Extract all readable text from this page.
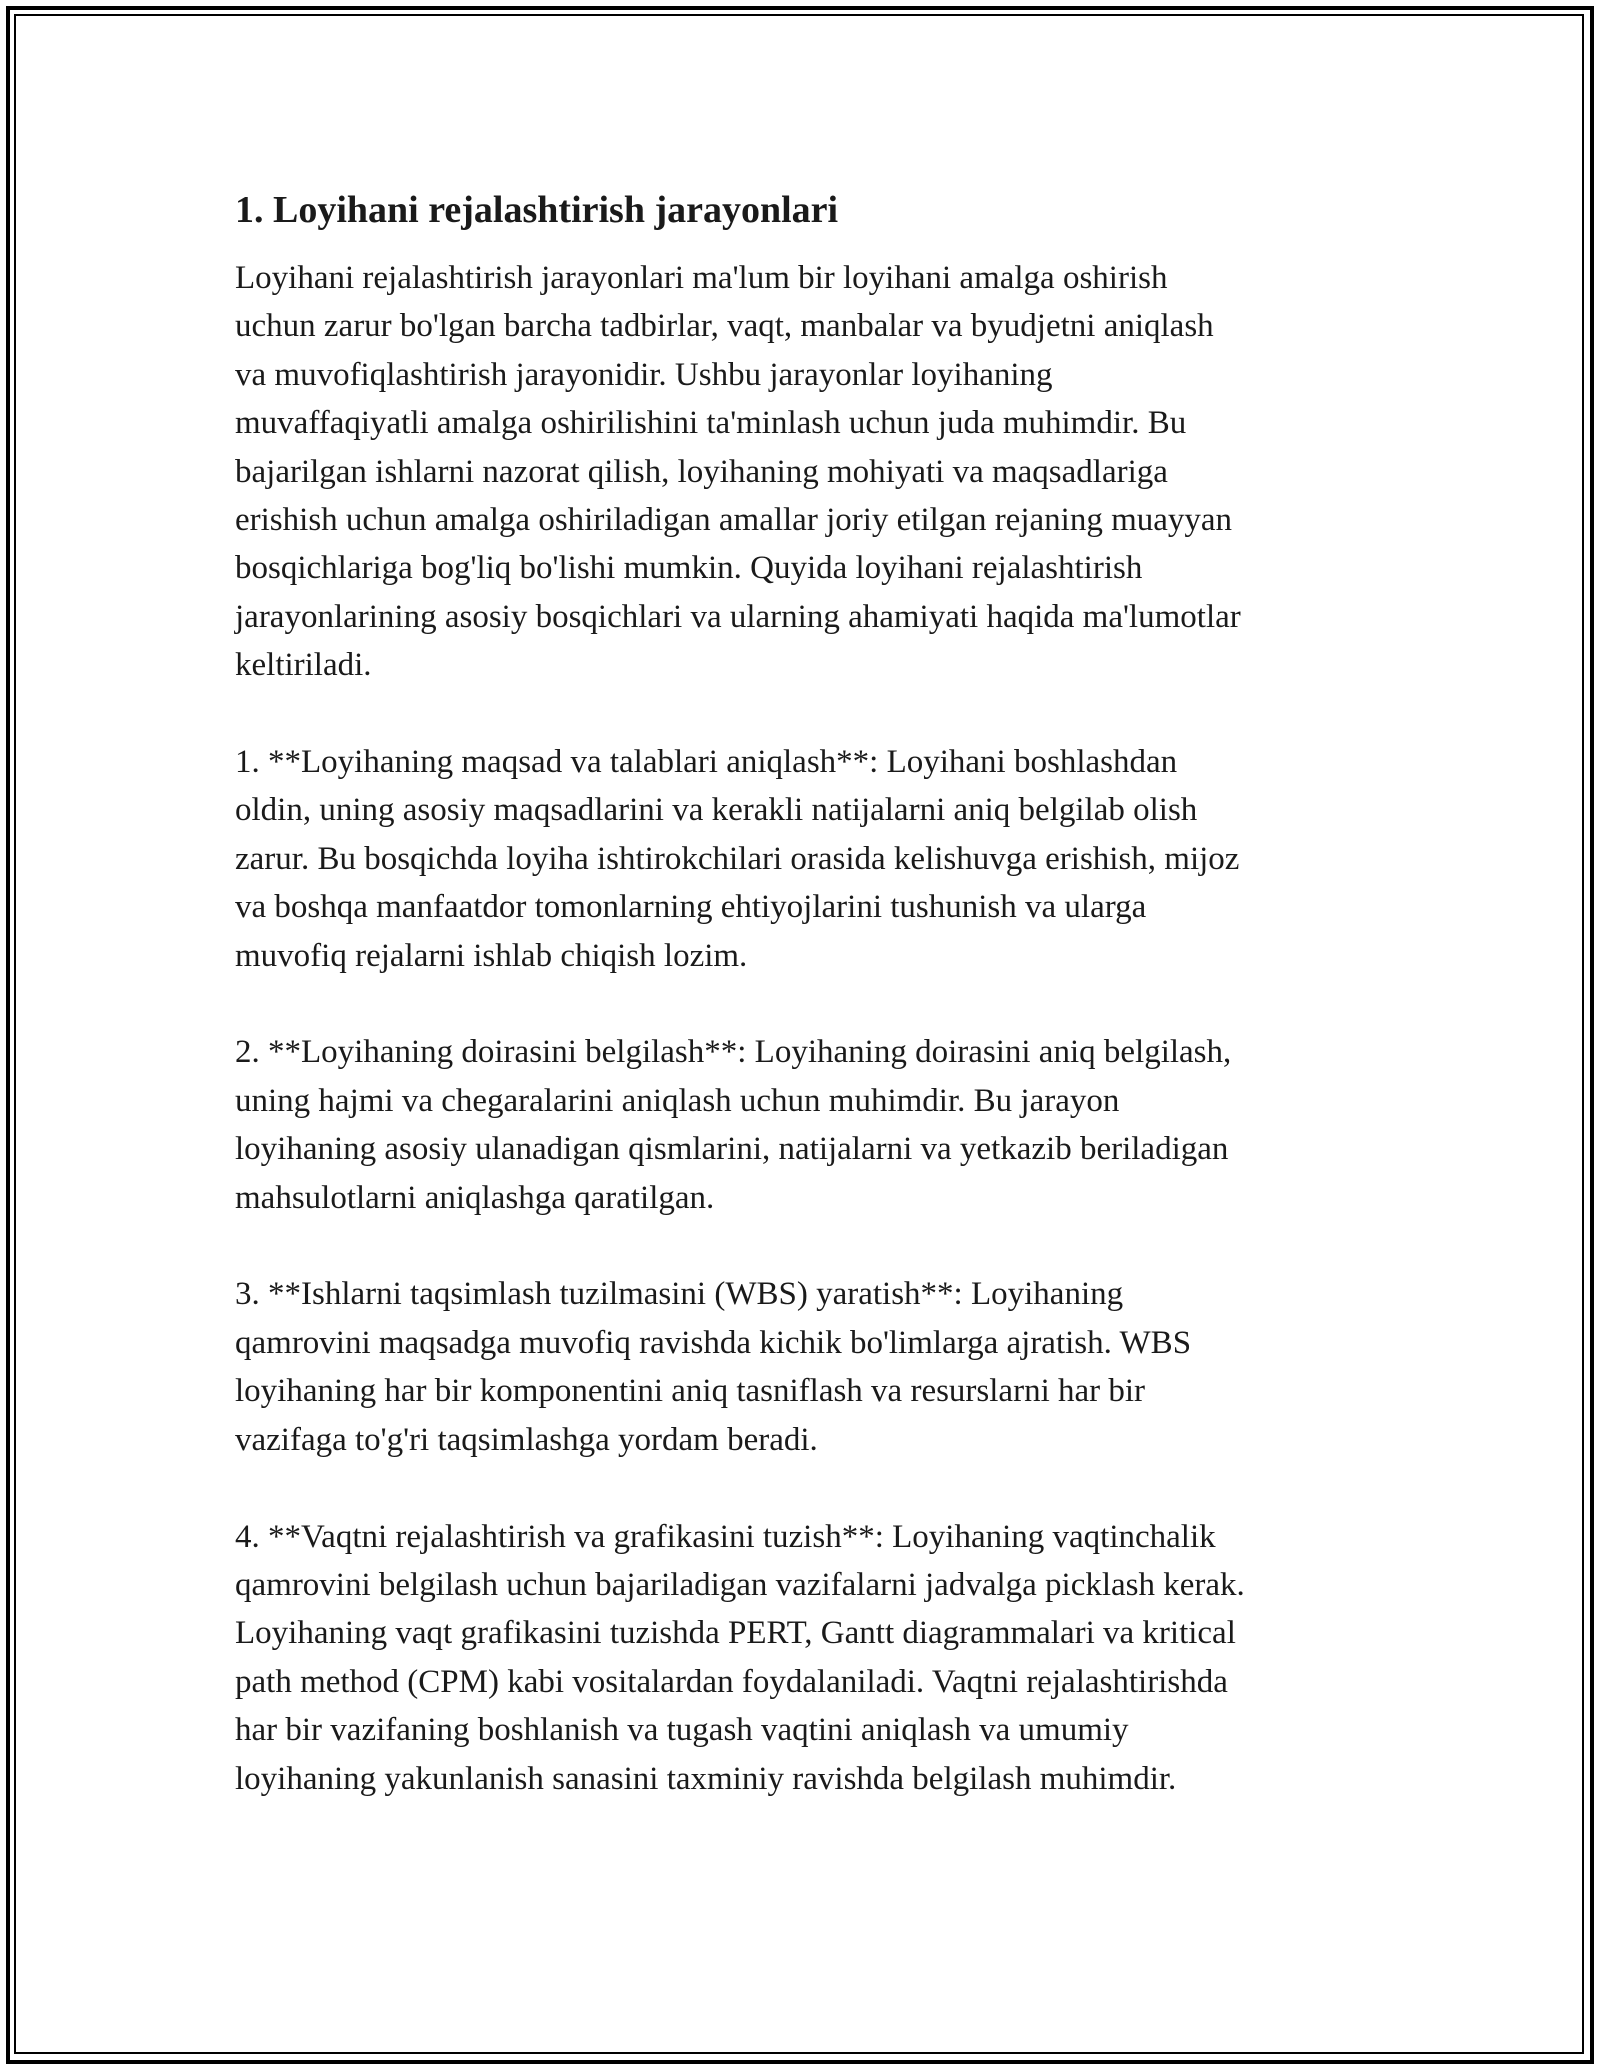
1. Loyihani rejalashtirish jarayonlari

Loyihani rejalashtirish jarayonlari ma'lum bir loyihani amalga oshirish
uchun zarur bo'lgan barcha tadbirlar, vaqt, manbalar va byudjetni aniqlash
va muvofiqlashtirish jarayonidir. Ushbu jarayonlar loyihaning
muvaffaqiyatli amalga oshirilishini ta'minlash uchun juda muhimdir. Bu
bajarilgan ishlarni nazorat qilish, loyihaning mohiyati va maqsadlariga
erishish uchun amalga oshiriladigan amallar joriy etilgan rejaning muayyan
bosqichlariga bog'liq bo'lishi mumkin. Quyida loyihani rejalashtirish
jarayonlarining asosiy bosqichlari va ularning ahamiyati haqida ma'lumotlar
keltiriladi.

1. **Loyihaning maqsad va talablari aniqlash**: Loyihani boshlashdan
oldin, uning asosiy maqsadlarini va kerakli natijalarni aniq belgilab olish
zarur. Bu bosqichda loyiha ishtirokchilari orasida kelishuvga erishish, mijoz
va boshqa manfaatdor tomonlarning ehtiyojlarini tushunish va ularga
muvofiq rejalarni ishlab chiqish lozim.

2. **Loyihaning doirasini belgilash**: Loyihaning doirasini aniq belgilash,
uning hajmi va chegaralarini aniqlash uchun muhimdir. Bu jarayon
loyihaning asosiy ulanadigan qismlarini, natijalarni va yetkazib beriladigan
mahsulotlarni aniqlashga qaratilgan.

3. **Ishlarni taqsimlash tuzilmasini (WBS) yaratish**: Loyihaning
qamrovini maqsadga muvofiq ravishda kichik bo'limlarga ajratish. WBS
loyihaning har bir komponentini aniq tasniflash va resurslarni har bir
vazifaga to'g'ri taqsimlashga yordam beradi.

4. **Vaqtni rejalashtirish va grafikasini tuzish**: Loyihaning vaqtinchalik
qamrovini belgilash uchun bajariladigan vazifalarni jadvalga picklash kerak.
Loyihaning vaqt grafikasini tuzishda PERT, Gantt diagrammalari va kritical
path method (CPM) kabi vositalardan foydalaniladi. Vaqtni rejalashtirishda
har bir vazifaning boshlanish va tugash vaqtini aniqlash va umumiy
loyihaning yakunlanish sanasini taxminiy ravishda belgilash muhimdir.
